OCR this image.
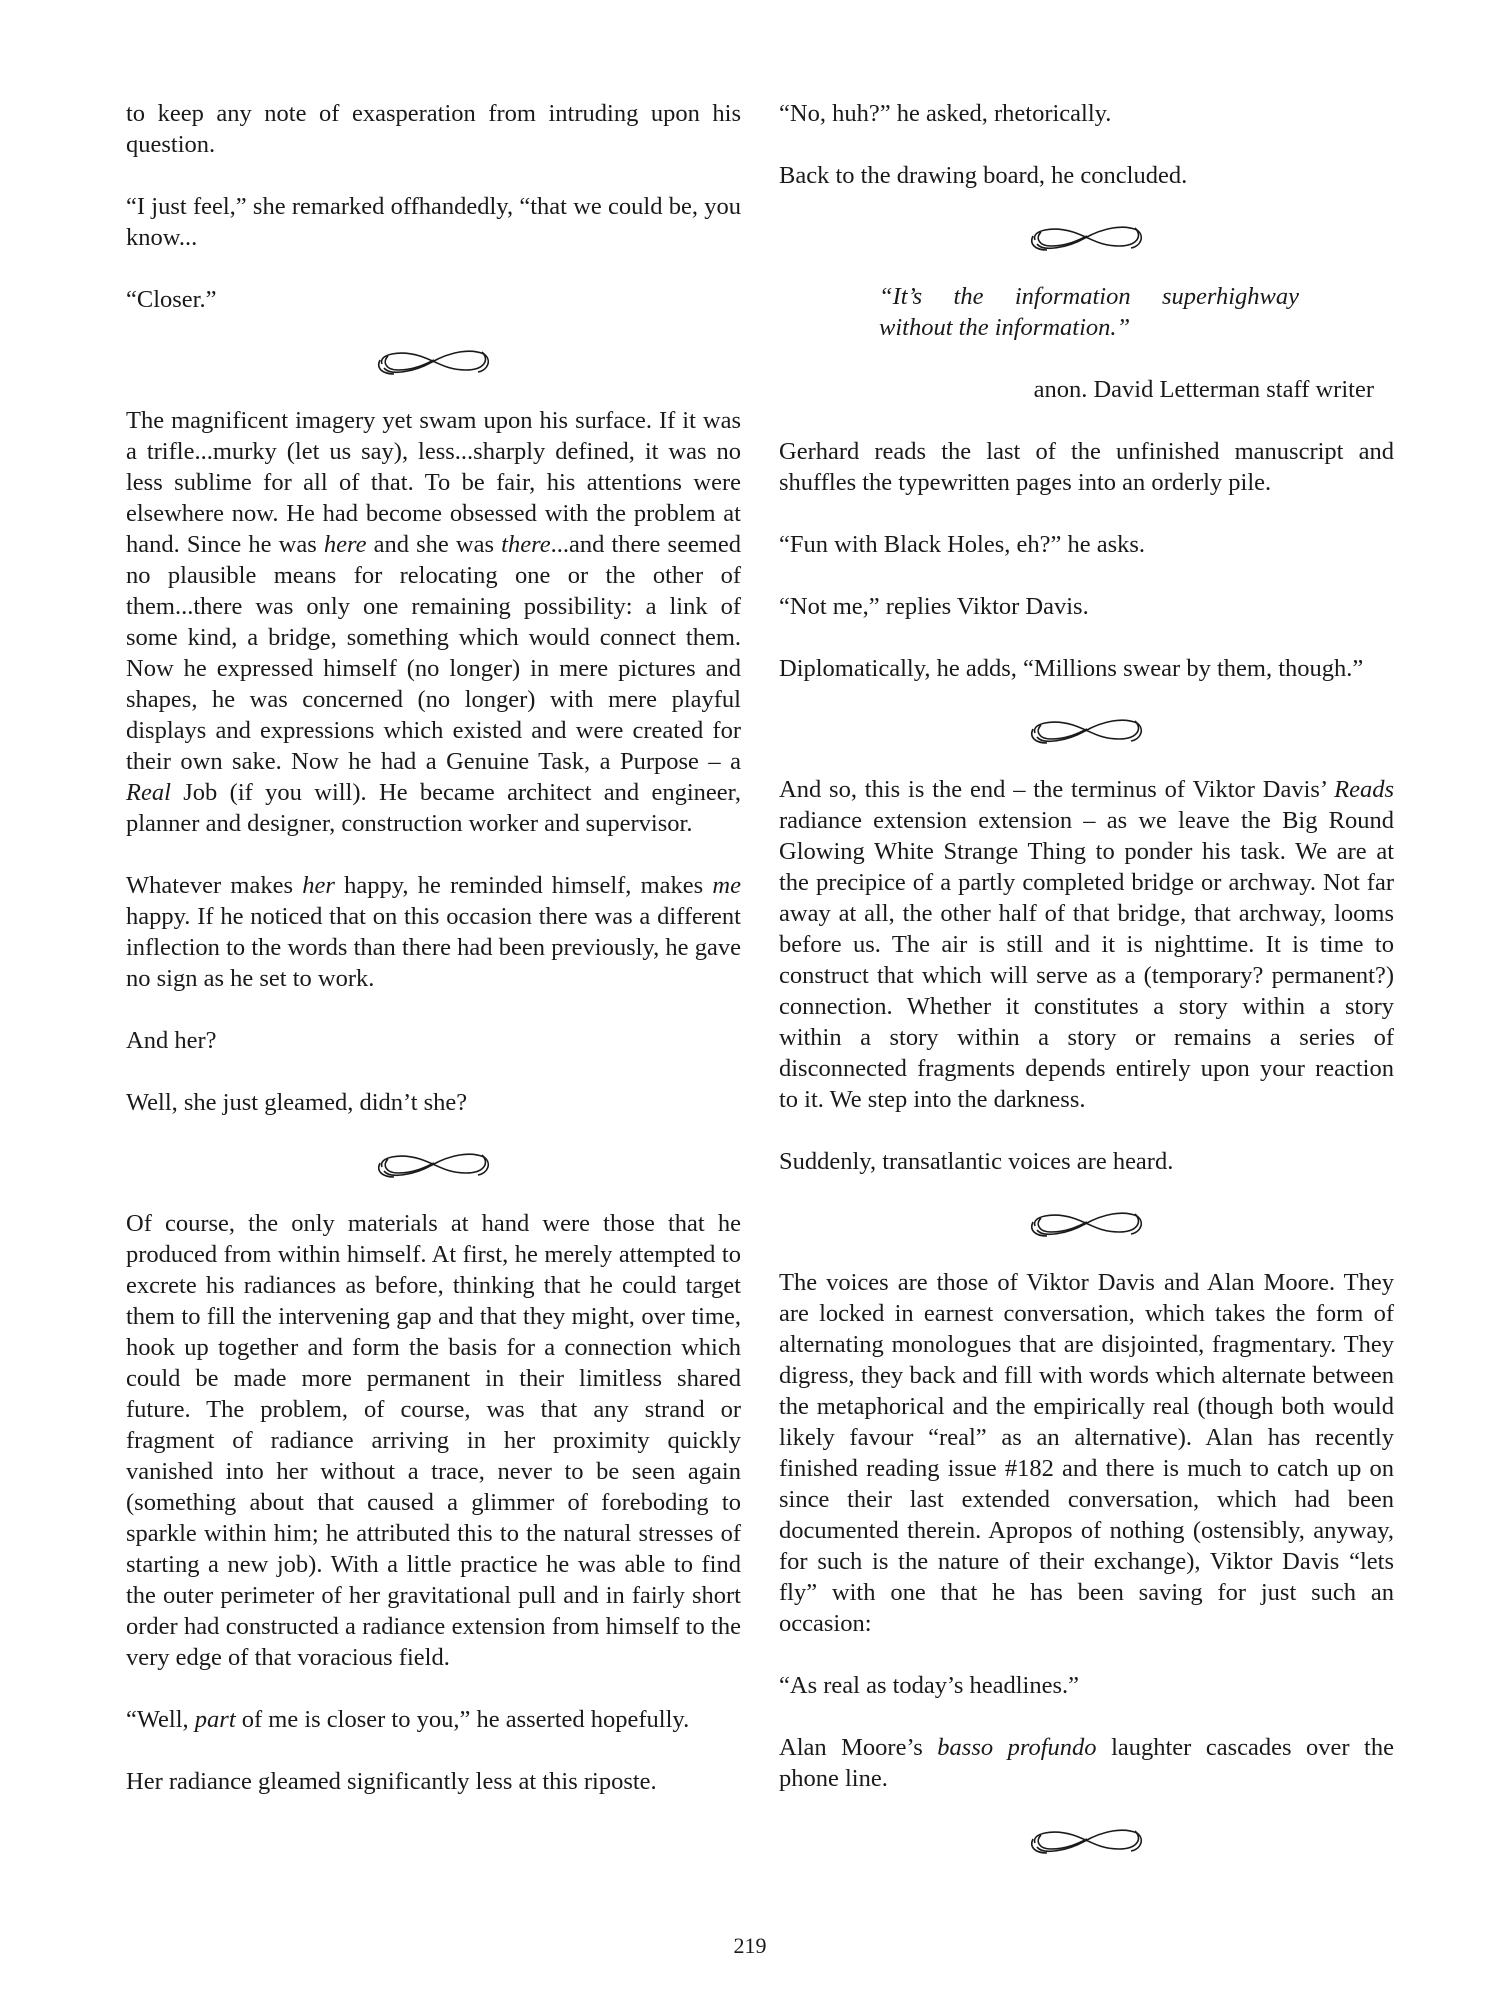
to keep any note of exasperation from intruding upon his question.

“I just feel,” she remarked offhandedly, “that we could be, you know...

“Closer.”

The magnificent imagery yet swam upon his surface. If it was a trifle...murky (let us say), less...sharply defined, it was no less sublime for all of that. To be fair, his attentions were elsewhere now. He had become obsessed with the problem at hand. Since he was here and she was there...and there seemed no plausible means for relocating one or the other of them...there was only one remaining possibility: a link of some kind, a bridge, something which would connect them. Now he expressed himself (no longer) in mere pictures and shapes, he was concerned (no longer) with mere playful displays and expressions which existed and were created for their own sake. Now he had a Genuine Task, a Purpose – a Real Job (if you will). He became architect and engineer, planner and designer, construction worker and supervisor.

Whatever makes her happy, he reminded himself, makes me happy. If he noticed that on this occasion there was a different inflection to the words than there had been previously, he gave no sign as he set to work.

And her?

Well, she just gleamed, didn’t she?

Of course, the only materials at hand were those that he produced from within himself. At first, he merely attempted to excrete his radiances as before, thinking that he could target them to fill the intervening gap and that they might, over time, hook up together and form the basis for a connection which could be made more permanent in their limitless shared future. The problem, of course, was that any strand or fragment of radiance arriving in her proximity quickly vanished into her without a trace, never to be seen again (something about that caused a glimmer of foreboding to sparkle within him; he attributed this to the natural stresses of starting a new job). With a little practice he was able to find the outer perimeter of her gravitational pull and in fairly short order had constructed a radiance extension from himself to the very edge of that voracious field.

“Well, part of me is closer to you,” he asserted hopefully.

Her radiance gleamed significantly less at this riposte.

“No, huh?” he asked, rhetorically.

Back to the drawing board, he concluded.

“It’s the information superhighway without the information.”

anon. David Letterman staff writer

Gerhard reads the last of the unfinished manuscript and shuffles the typewritten pages into an orderly pile.

“Fun with Black Holes, eh?” he asks.

“Not me,” replies Viktor Davis.

Diplomatically, he adds, “Millions swear by them, though.”

And so, this is the end – the terminus of Viktor Davis’ Reads radiance extension extension – as we leave the Big Round Glowing White Strange Thing to ponder his task. We are at the precipice of a partly completed bridge or archway. Not far away at all, the other half of that bridge, that archway, looms before us. The air is still and it is nighttime. It is time to construct that which will serve as a (temporary? permanent?) connection. Whether it constitutes a story within a story within a story within a story or remains a series of disconnected fragments depends entirely upon your reaction to it. We step into the darkness.

Suddenly, transatlantic voices are heard.

The voices are those of Viktor Davis and Alan Moore. They are locked in earnest conversation, which takes the form of alternating monologues that are disjointed, fragmentary. They digress, they back and fill with words which alternate between the metaphorical and the empirically real (though both would likely favour “real” as an alternative). Alan has recently finished reading issue #182 and there is much to catch up on since their last extended conversation, which had been documented therein. Apropos of nothing (ostensibly, anyway, for such is the nature of their exchange), Viktor Davis “lets fly” with one that he has been saving for just such an occasion:

“As real as today’s headlines.”

Alan Moore’s basso profundo laughter cascades over the phone line.

219
